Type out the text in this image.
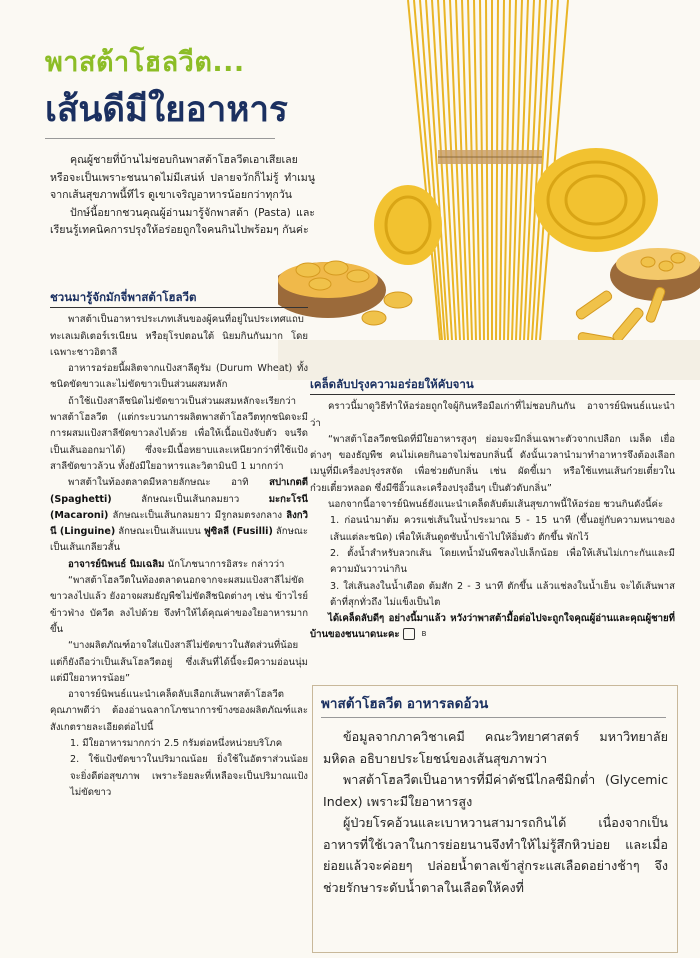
พาสต้าโฮลวีต...
เส้นดีมีใยอาหาร

คุณผู้ชายที่บ้านไม่ชอบกินพาสต้าโฮลวีตเอาเสียเลย หรือจะเป็นเพราะชนนาดไม่มีเสน่ห์ ปลายจวักก็ไม่รู้ ทำเมนูจากเส้นสุขภาพนี้ทีไร ดูเขาเจริญอาหารน้อยกว่าทุกวัน

ปักษ์นี้อยากชวนคุณผู้อ่านมารู้จักพาสต้า (Pasta) และเรียนรู้เทคนิคการปรุงให้อร่อยถูกใจคนกินไปพร้อมๆ กันค่ะ

ชวนมารู้จักมักจี่พาสต้าโฮลวีต

พาสต้าเป็นอาหารประเภทเส้นของผู้คนที่อยู่ในประเทศแถบทะเลเมดิเตอร์เรเนียน หรือยุโรปตอนใต้ นิยมกินกันมาก โดยเฉพาะชาวอิตาลี

อาหารอร่อยนี้ผลิตจากแป้งสาลีดูรัม (Durum Wheat) ทั้งชนิดขัดขาวและไม่ขัดขาวเป็นส่วนผสมหลัก

ถ้าใช้แป้งสาลีชนิดไม่ขัดขาวเป็นส่วนผสมหลักจะเรียกว่า พาสต้าโฮลวีต (แต่กระบวนการผลิตพาสต้าโฮลวีตทุกชนิดจะมีการผสมแป้งสาลีขัดขาวลงไปด้วย เพื่อให้เนื้อแป้งจับตัว จนรีดเป็นเส้นออกมาได้) ซึ่งจะมีเนื้อหยาบและเหนียวกว่าที่ใช้แป้งสาลีขัดขาวล้วน ทั้งยังมีใยอาหารและวิตามินบี 1 มากกว่า

พาสต้าในท้องตลาดมีหลายลักษณะ อาทิ สปาเกตตี (Spaghetti)	ลักษณะเป็นเส้นกลมยาว	มะกะโรนี (Macaroni) ลักษณะเป็นเส้นกลมยาว มีรูกลมตรงกลาง ลิงกวินี (Linguine) ลักษณะเป็นเส้นแบน ฟูซิลลี (Fusilli) ลักษณะเป็นเส้นเกลียวสั้น

อาจารย์นิพนธ์ นิมเฉลิม นักโภชนาการอิสระ กล่าวว่า

“พาสต้าโฮลวีตในท้องตลาดนอกจากจะผสมแป้งสาลีไม่ขัดขาวลงไปแล้ว ยังอาจผสมธัญพืชไม่ขัดสีชนิดต่างๆ เช่น ข้าวไรย์ ข้าวฟ่าง บัควีต ลงไปด้วย จึงทำให้ได้คุณค่าของใยอาหารมากขึ้น

“บางผลิตภัณฑ์อาจใส่แป้งสาลีไม่ขัดขาวในสัดส่วนที่น้อย แต่ก็ยังถือว่าเป็นเส้นโฮลวีตอยู่ ซึ่งเส้นที่ได้นี้จะมีความอ่อนนุ่ม แต่มีใยอาหารน้อย”

อาจารย์นิพนธ์แนะนำเคล็ดลับเลือกเส้นพาสต้าโฮลวีตคุณภาพดีว่า ต้องอ่านฉลากโภชนาการข้างซองผลิตภัณฑ์และสังเกตรายละเอียดต่อไปนี้

1. มีใยอาหารมากกว่า 2.5 กรัมต่อหนึ่งหน่วยบริโภค

2. ใช้แป้งขัดขาวในปริมาณน้อย ยิ่งใช้ในอัตราส่วนน้อย จะยิ่งดีต่อสุขภาพ เพราะร้อยละที่เหลือจะเป็นปริมาณแป้งไม่ขัดขาว

เคล็ดลับปรุงความอร่อยให้คับจาน

คราวนี้มาดูวิธีทำให้อร่อยถูกใจผู้กินหรือมือเก่าที่ไม่ชอบกินกัน อาจารย์นิพนธ์แนะนำว่า

“พาสต้าโฮลวีตชนิดที่มีใยอาหารสูงๆ ย่อมจะมีกลิ่นเฉพาะตัวจากเปลือก เมล็ด เยื่อต่างๆ ของธัญพืช คนไม่เคยกินอาจไม่ชอบกลิ่นนี้ ดังนั้นเวลานำมาทำอาหารจึงต้องเลือกเมนูที่มีเครื่องปรุงรสจัด เพื่อช่วยดับกลิ่น เช่น ผัดขี้เมา หรือใช้แทนเส้นก๋วยเตี๋ยวในก๋วยเตี๋ยวหลอด ซึ่งมีซีอิ๊วและเครื่องปรุงอื่นๆ เป็นตัวดับกลิ่น”

นอกจากนี้อาจารย์นิพนธ์ยังแนะนำเคล็ดลับต้มเส้นสุขภาพนี้ให้อร่อย ชวนกินดังนี้ค่ะ

1. ก่อนนำมาต้ม ควรแช่เส้นในน้ำประมาณ 5 - 15 นาที (ขึ้นอยู่กับความหนาของเส้นแต่ละชนิด) เพื่อให้เส้นดูดซับน้ำเข้าไปให้อิ่มตัว ตักขึ้น พักไว้

2. ตั้งน้ำสำหรับลวกเส้น โดยเทน้ำมันพืชลงไปเล็กน้อย เพื่อให้เส้นไม่เกาะกันและมีความมันวาวน่ากิน

3. ใส่เส้นลงในน้ำเดือด ต้มสัก 2 - 3 นาที ตักขึ้น แล้วแช่ลงในน้ำเย็น จะได้เส้นพาสต้าที่สุกทั่วถึง ไม่แข็งเป็นไต

ได้เคล็ดลับดีๆ อย่างนี้มาแล้ว หวังว่าพาสต้ามื้อต่อไปจะถูกใจคุณผู้อ่านและคุณผู้ชายที่บ้านของชนนาดนะคะ	B

พาสต้าโฮลวีต อาหารลดอ้วน

ข้อมูลจากภาควิชาเคมี คณะวิทยาศาสตร์ มหาวิทยาลัยมหิดล อธิบายประโยชน์ของเส้นสุขภาพว่า

พาสต้าโฮลวีตเป็นอาหารที่มีค่าดัชนีไกลซีมิกต่ำ (Glycemic Index) เพราะมีใยอาหารสูง

ผู้ป่วยโรคอ้วนและเบาหวานสามารถกินได้ เนื่องจากเป็นอาหารที่ใช้เวลาในการย่อยนานจึงทำให้ไม่รู้สึกหิวบ่อย และเมื่อย่อยแล้วจะค่อยๆ ปล่อยน้ำตาลเข้าสู่กระแสเลือดอย่างช้าๆ จึงช่วยรักษาระดับน้ำตาลในเลือดให้คงที่
